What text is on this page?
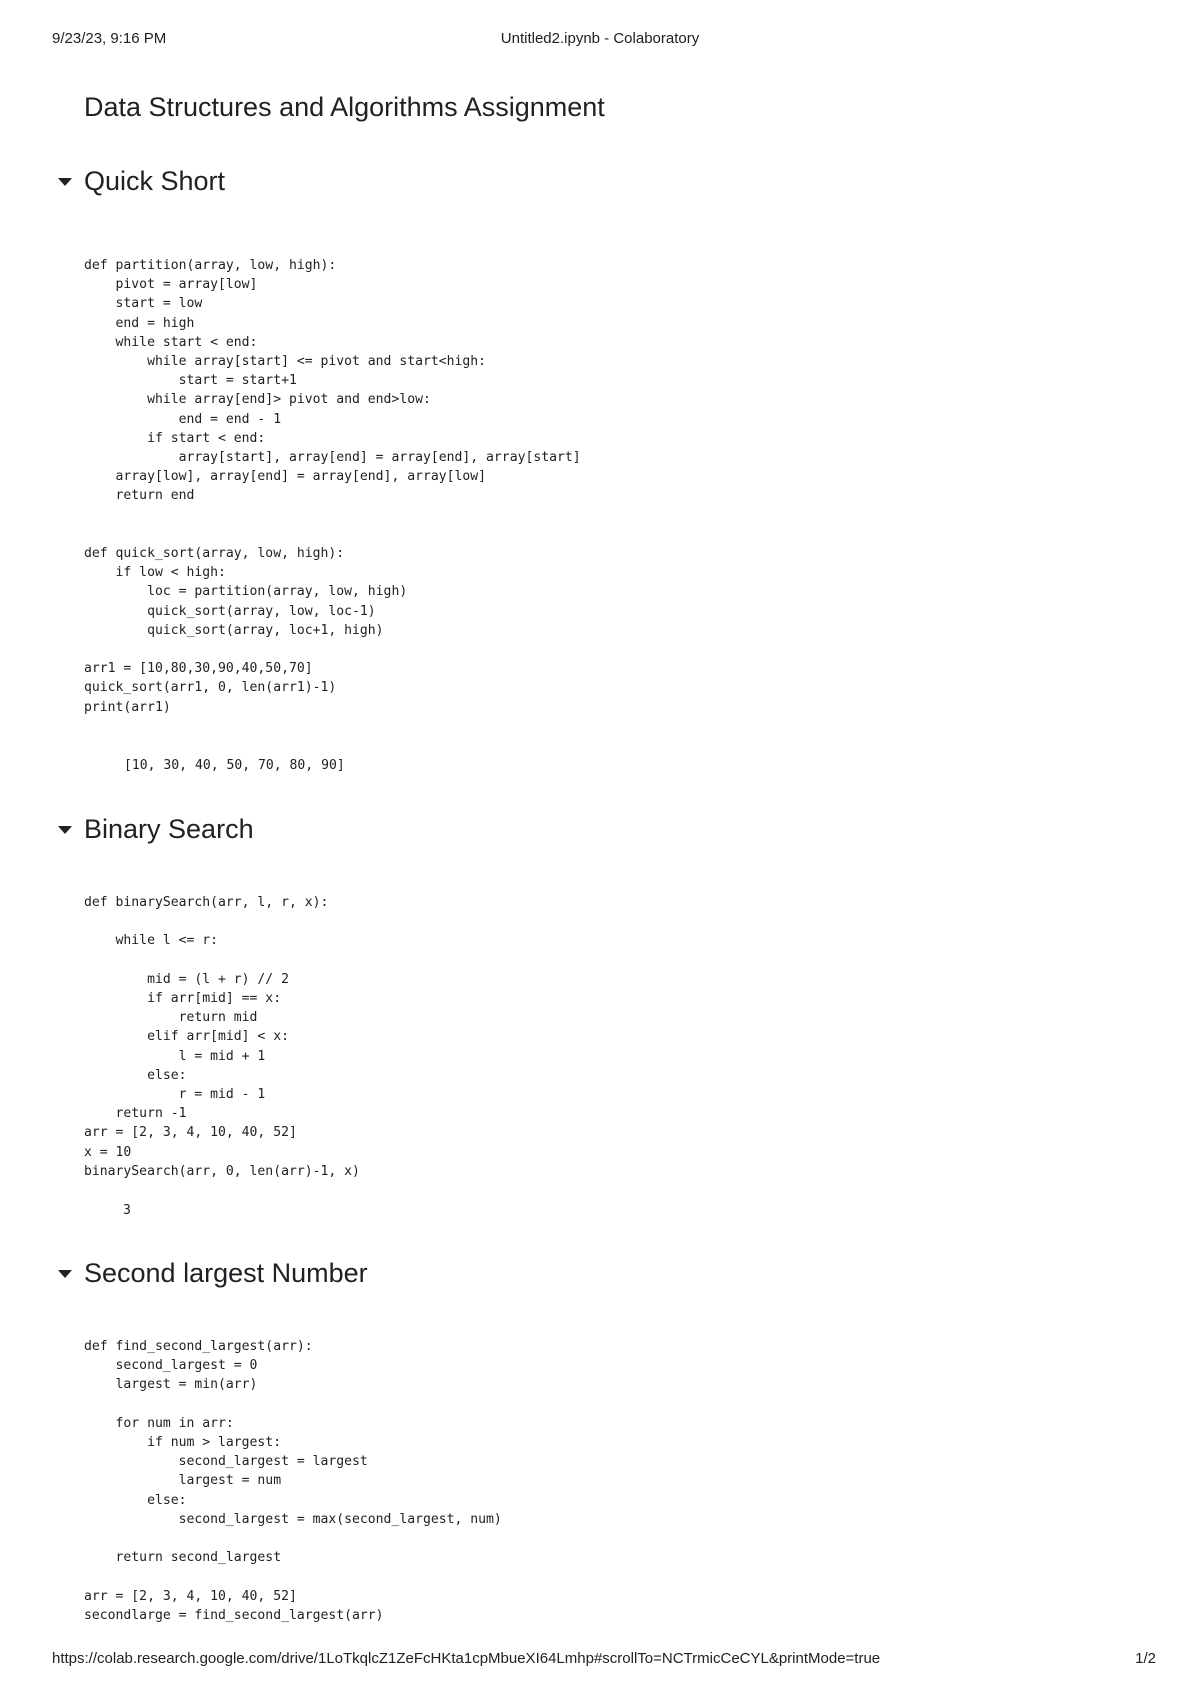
9/23/23, 9:16 PM	Untitled2.ipynb - Colaboratory
Data Structures and Algorithms Assignment
Quick Short
def partition(array, low, high):
pivot = array[low]
start = low
end = high
while start < end:
while array[start] <= pivot and start<high:
start = start+1
while array[end]> pivot and end>low:
end = end - 1
if start < end:
array[start], array[end] = array[end], array[start]
array[low], array[end] = array[end], array[low]
return end

def quick_sort(array, low, high):
if low < high:
loc = partition(array, low, high)
quick_sort(array, low, loc-1)
quick_sort(array, loc+1, high)

arr1 = [10,80,30,90,40,50,70]
quick_sort(arr1, 0, len(arr1)-1)
print(arr1)
[10, 30, 40, 50, 70, 80, 90]
Binary Search
def binarySearch(arr, l, r, x):

while l <= r:

mid = (l + r) // 2
if arr[mid] == x:
return mid
elif arr[mid] < x:
l = mid + 1
else:
r = mid - 1
return -1
arr = [2, 3, 4, 10, 40, 52]
x = 10
binarySearch(arr, 0, len(arr)-1, x)
3
Second largest Number
def find_second_largest(arr):
second_largest = 0
largest = min(arr)

for num in arr:
if num > largest:
second_largest = largest
largest = num
else:
second_largest = max(second_largest, num)

return second_largest

arr = [2, 3, 4, 10, 40, 52]
secondlarge = find_second_largest(arr)
https://colab.research.google.com/drive/1LoTkqlcZ1ZeFcHKta1cpMbueXI64Lmhp#scrollTo=NCTrmicCeCYL&printMode=true	1/2
